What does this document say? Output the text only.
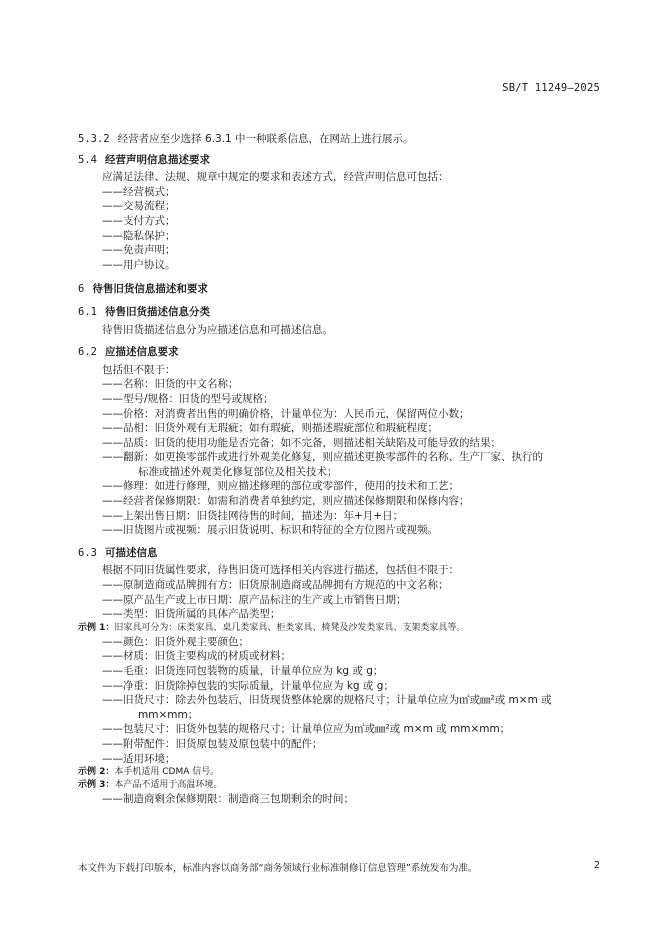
SB/T 11249—2025
5.3.2 经营者应至少选择 6.3.1 中一种联系信息，在网站上进行展示。
5.4 经营声明信息描述要求
应满足法律、法规、规章中规定的要求和表述方式，经营声明信息可包括：
——经营模式；
——交易流程；
——支付方式；
——隐私保护；
——免责声明；
——用户协议。
6 待售旧货信息描述和要求
6.1 待售旧货描述信息分类
待售旧货描述信息分为应描述信息和可描述信息。
6.2 应描述信息要求
包括但不限于：
——名称：旧货的中文名称；
——型号/规格：旧货的型号或规格；
——价格：对消费者出售的明确价格，计量单位为：人民币元，保留两位小数；
——品相：旧货外观有无瑕疵；如有瑕疵，则描述瑕疵部位和瑕疵程度；
——品质：旧货的使用功能是否完备；如不完备，则描述相关缺陷及可能导致的结果；
——翻新：如更换零部件或进行外观美化修复，则应描述更换零部件的名称、生产厂家、执行的
标准或描述外观美化修复部位及相关技术；
——修理：如进行修理，则应描述修理的部位或零部件，使用的技术和工艺；
——经营者保修期限：如需和消费者单独约定，则应描述保修期限和保修内容；
——上架出售日期：旧货挂网待售的时间，描述为：年+月+日；
——旧货图片或视频：展示旧货说明、标识和特征的全方位图片或视频。
6.3 可描述信息
根据不同旧货属性要求，待售旧货可选择相关内容进行描述，包括但不限于：
——原制造商或品牌拥有方：旧货原制造商或品牌拥有方规范的中文名称；
——原产品生产或上市日期：原产品标注的生产或上市销售日期；
——类型：旧货所属的具体产品类型；
示例 1：旧家具可分为：床类家具、桌几类家具、柜类家具、椅凳及沙发类家具、支架类家具等。
——颜色：旧货外观主要颜色；
——材质：旧货主要构成的材质或材料；
——毛重：旧货连同包装物的质量，计量单位应为 kg 或 g；
——净重：旧货除掉包装的实际质量，计量单位应为 kg 或 g；
——旧货尺寸：除去外包装后，旧货现货整体轮廓的规格尺寸；计量单位应为㎡或㎜²或 m×m 或
mm×mm；
——包装尺寸：旧货外包装的规格尺寸；计量单位应为㎡或㎜²或 m×m 或 mm×mm；
——附带配件：旧货原包装及原包装中的配件；
——适用环境；
示例 2：本手机适用 CDMA 信号。
示例 3：本产品不适用于高温环境。
——制造商剩余保修期限：制造商三包期剩余的时间；
本文件为下载打印版本，标准内容以商务部“商务领域行业标准制修订信息管理”系统发布为准。	2
